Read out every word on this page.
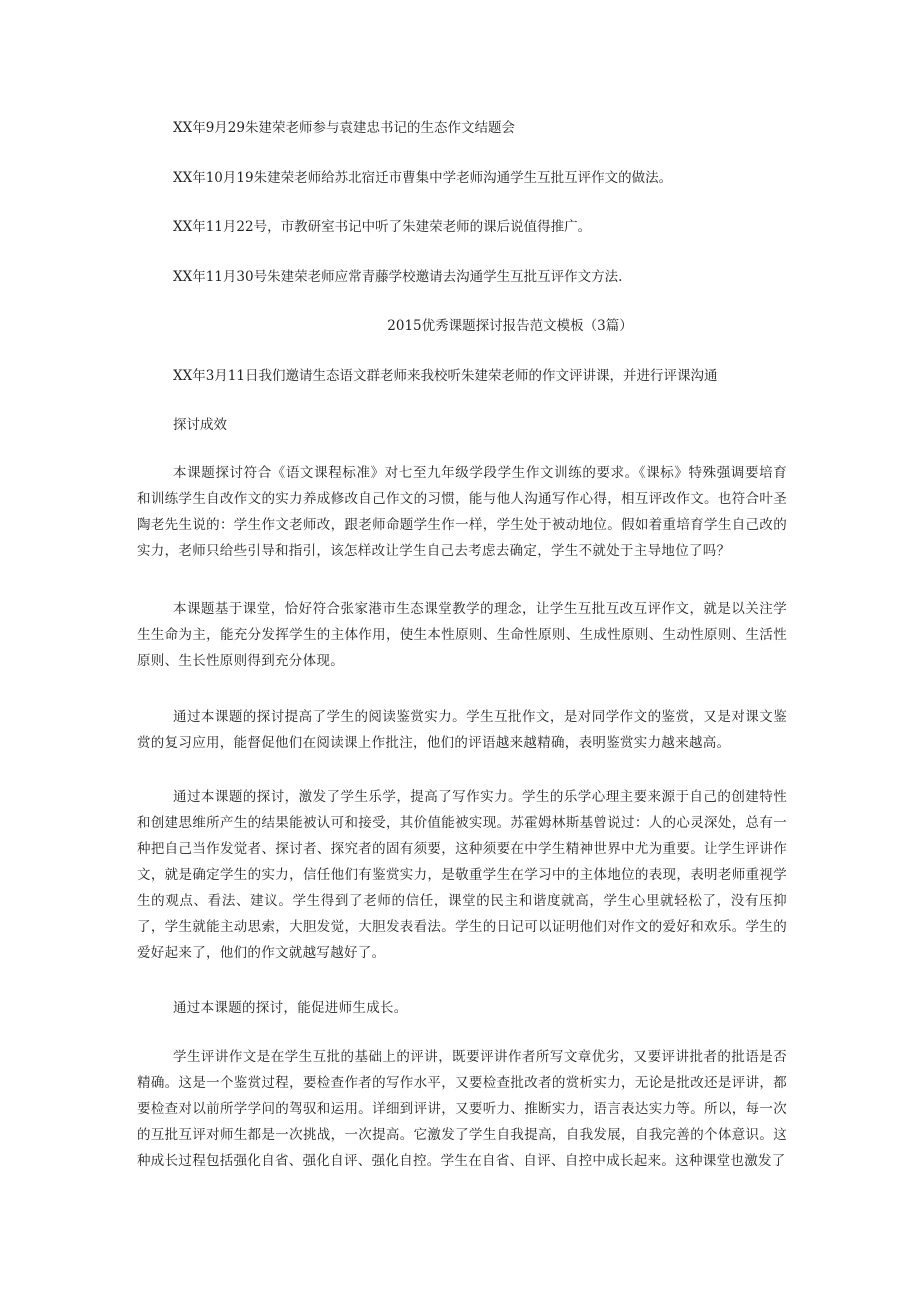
XX年9月29朱建荣老师参与袁建忠书记的生态作文结题会

XX年10月19朱建荣老师给苏北宿迁市曹集中学老师沟通学生互批互评作文的做法。

XX年11月22号，市教研室书记中听了朱建荣老师的课后说值得推广。

XX年11月30号朱建荣老师应常青藤学校邀请去沟通学生互批互评作文方法.

2015优秀课题探讨报告范文模板（3篇）

XX年3月11日我们邀请生态语文群老师来我校听朱建荣老师的作文评讲课，并进行评课沟通

探讨成效

本课题探讨符合《语文课程标准》对七至九年级学段学生作文训练的要求。《课标》特殊强调要培育和训练学生自改作文的实力养成修改自己作文的习惯，能与他人沟通写作心得，相互评改作文。也符合叶圣陶老先生说的：学生作文老师改，跟老师命题学生作一样，学生处于被动地位。假如着重培育学生自己改的实力，老师只给些引导和指引，该怎样改让学生自己去考虑去确定，学生不就处于主导地位了吗？

本课题基于课堂，恰好符合张家港市生态课堂教学的理念，让学生互批互改互评作文，就是以关注学生生命为主，能充分发挥学生的主体作用，使生本性原则、生命性原则、生成性原则、生动性原则、生活性原则、生长性原则得到充分体现。

通过本课题的探讨提高了学生的阅读鉴赏实力。学生互批作文，是对同学作文的鉴赏，又是对课文鉴赏的复习应用，能督促他们在阅读课上作批注，他们的评语越来越精确，表明鉴赏实力越来越高。

通过本课题的探讨，激发了学生乐学，提高了写作实力。学生的乐学心理主要来源于自己的创建特性和创建思维所产生的结果能被认可和接受，其价值能被实现。苏霍姆林斯基曾说过：人的心灵深处，总有一种把自己当作发觉者、探讨者、探究者的固有须要，这种须要在中学生精神世界中尤为重要。让学生评讲作文，就是确定学生的实力，信任他们有鉴赏实力，是敬重学生在学习中的主体地位的表现，表明老师重视学生的观点、看法、建议。学生得到了老师的信任，课堂的民主和谐度就高，学生心里就轻松了，没有压抑了，学生就能主动思索，大胆发觉，大胆发表看法。学生的日记可以证明他们对作文的爱好和欢乐。学生的爱好起来了，他们的作文就越写越好了。

通过本课题的探讨，能促进师生成长。

学生评讲作文是在学生互批的基础上的评讲，既要评讲作者所写文章优劣，又要评讲批者的批语是否精确。这是一个鉴赏过程，要检查作者的写作水平，又要检查批改者的赏析实力，无论是批改还是评讲，都要检查对以前所学学问的驾驭和运用。详细到评讲，又要听力、推断实力，语言表达实力等。所以，每一次的互批互评对师生都是一次挑战，一次提高。它激发了学生自我提高，自我发展，自我完善的个体意识。这种成长过程包括强化自省、强化自评、强化自控。学生在自省、自评、自控中成长起来。这种课堂也激发了
